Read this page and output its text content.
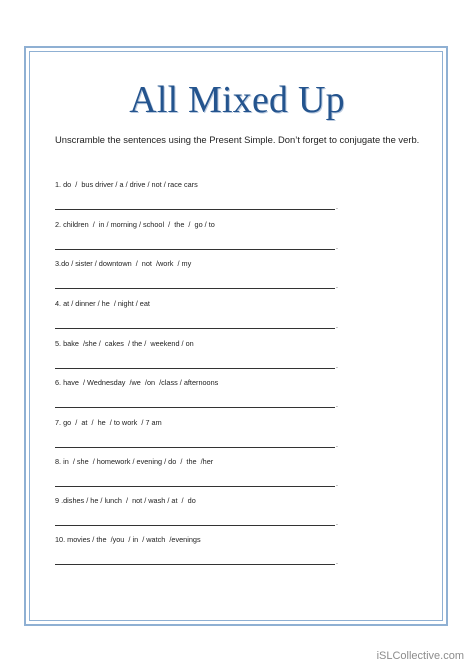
All Mixed Up
Unscramble the sentences using the Present Simple. Don’t forget to conjugate the verb.
1. do  /  bus driver / a / drive / not / race cars
.
2. children  /  in / morning / school  /  the  /  go / to
.
3.do / sister / downtown  /  not  /work  / my
.
4. at / dinner / he  / night / eat
.
5. bake  /she /  cakes  / the /  weekend / on
.
6. have  / Wednesday  /we  /on  /class / afternoons
.
7. go  /  at  /  he  / to work  / 7 am
.
8. in  / she  / homework / evening / do  /  the  /her
.
9 .dishes / he / lunch  /  not / wash / at  /  do
.
10. movies / the  /you  / in  / watch  /evenings
.
iSLCollective.com
